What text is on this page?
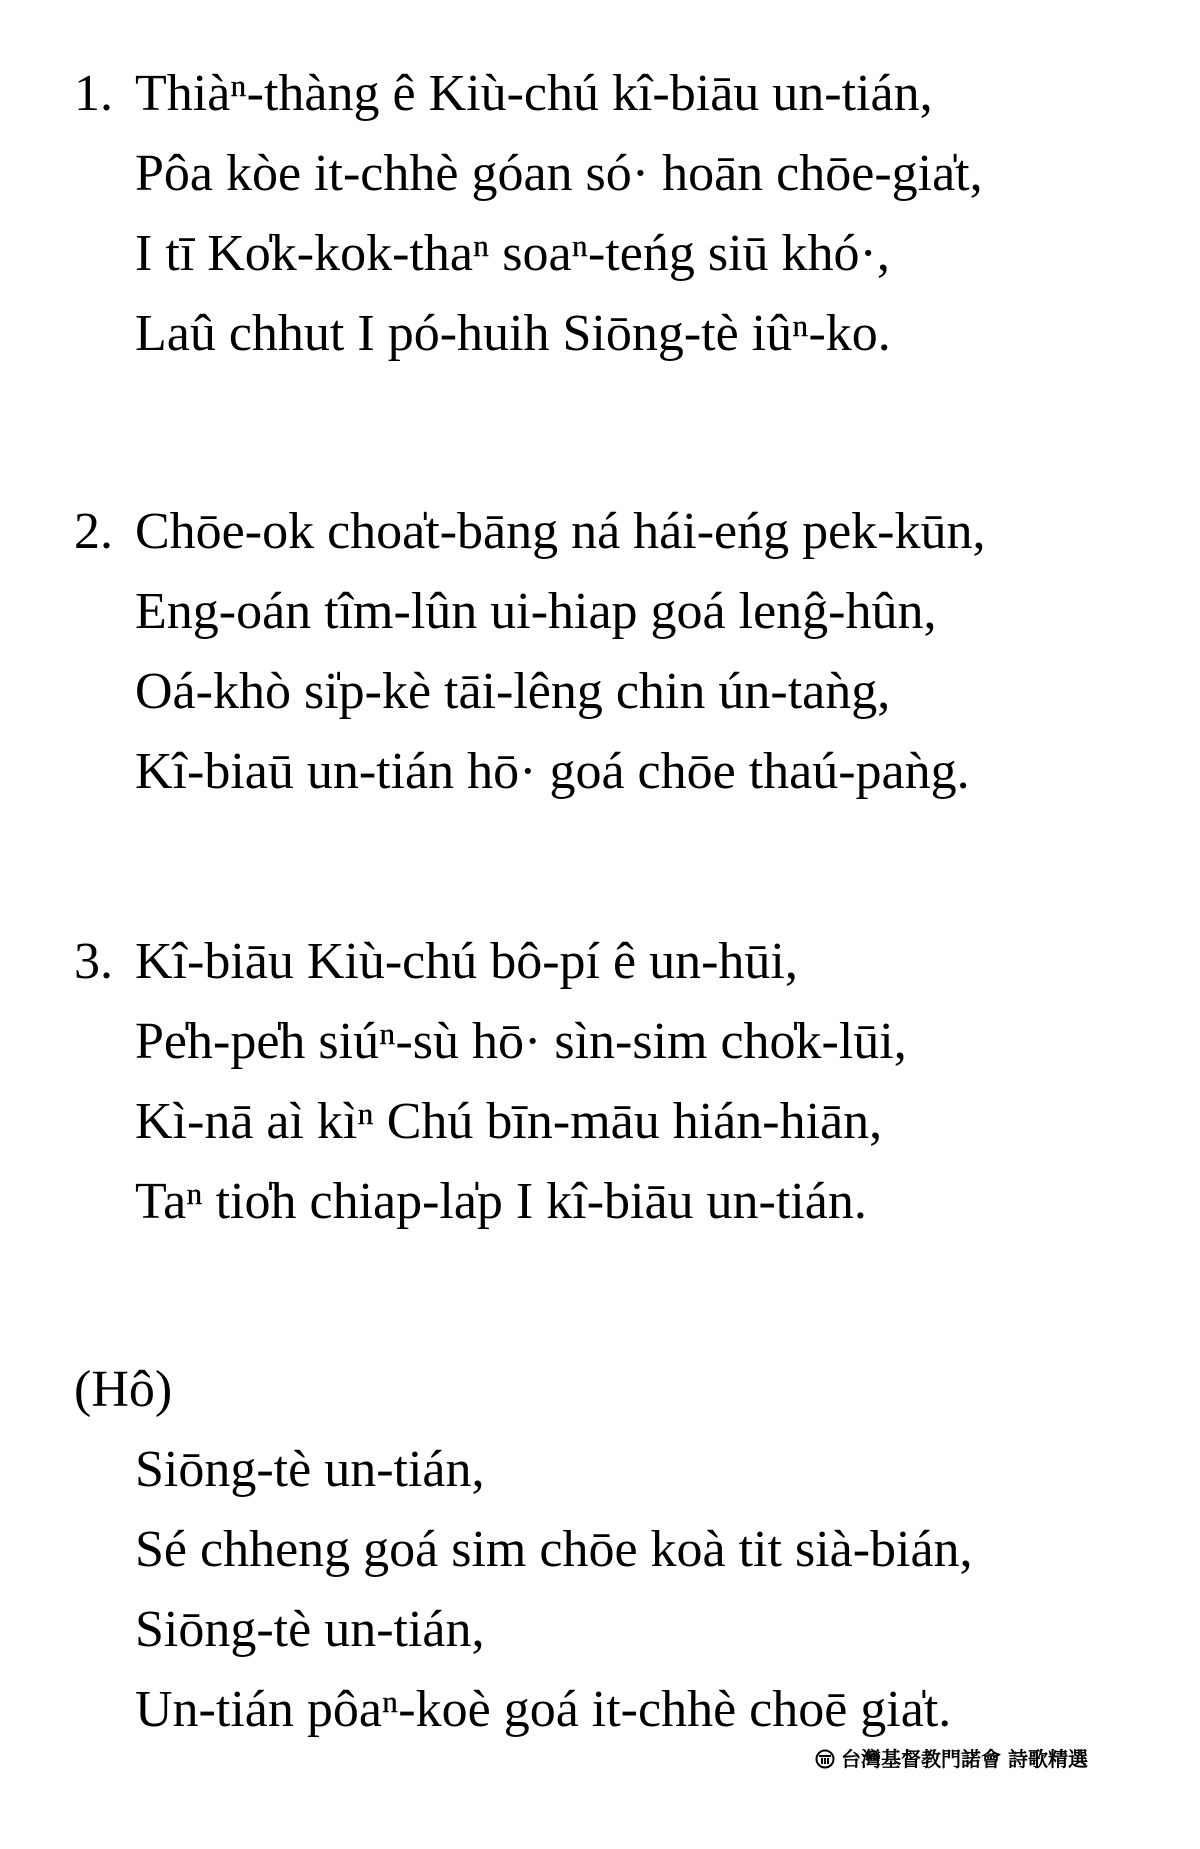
1. Thiàⁿ-thàng ê Kiù-chú kî-biāu un-tián,
Pôa kòe it-chhè góan só· hoān chōe-gia̍t,
I tī Ko̍k-kok-thaⁿ soaⁿ-teńg siū khó·,
Laû chhut I pó-huih Siōng-tè iûⁿ-ko.
2. Chōe-ok choa̍t-bāng ná hái-eńg pek-kūn,
Eng-oán tîm-lûn ui-hiap goá lenĝ-hûn,
Oá-khò si̍p-kè tāi-lêng chin ún-taǹg,
Kî-biaū un-tián hō· goá chōe thaú-paǹg.
3. Kî-biāu Kiù-chú bô-pí ê un-hūi,
Pe̍h-pe̍h siúⁿ-sù hō· sìn-sim cho̍k-lūi,
Kì-nā aì kìⁿ Chú bīn-māu hián-hiān,
Taⁿ tio̍h chiap-la̍p I kî-biāu un-tián.
(Hô)
Siōng-tè un-tián,
Sé chheng goá sim chōe koà tit sià-bián,
Siōng-tè un-tián,
Un-tián pôaⁿ-koè goá it-chhè choē gia̍t.
台灣基督教門諾會 詩歌精選
